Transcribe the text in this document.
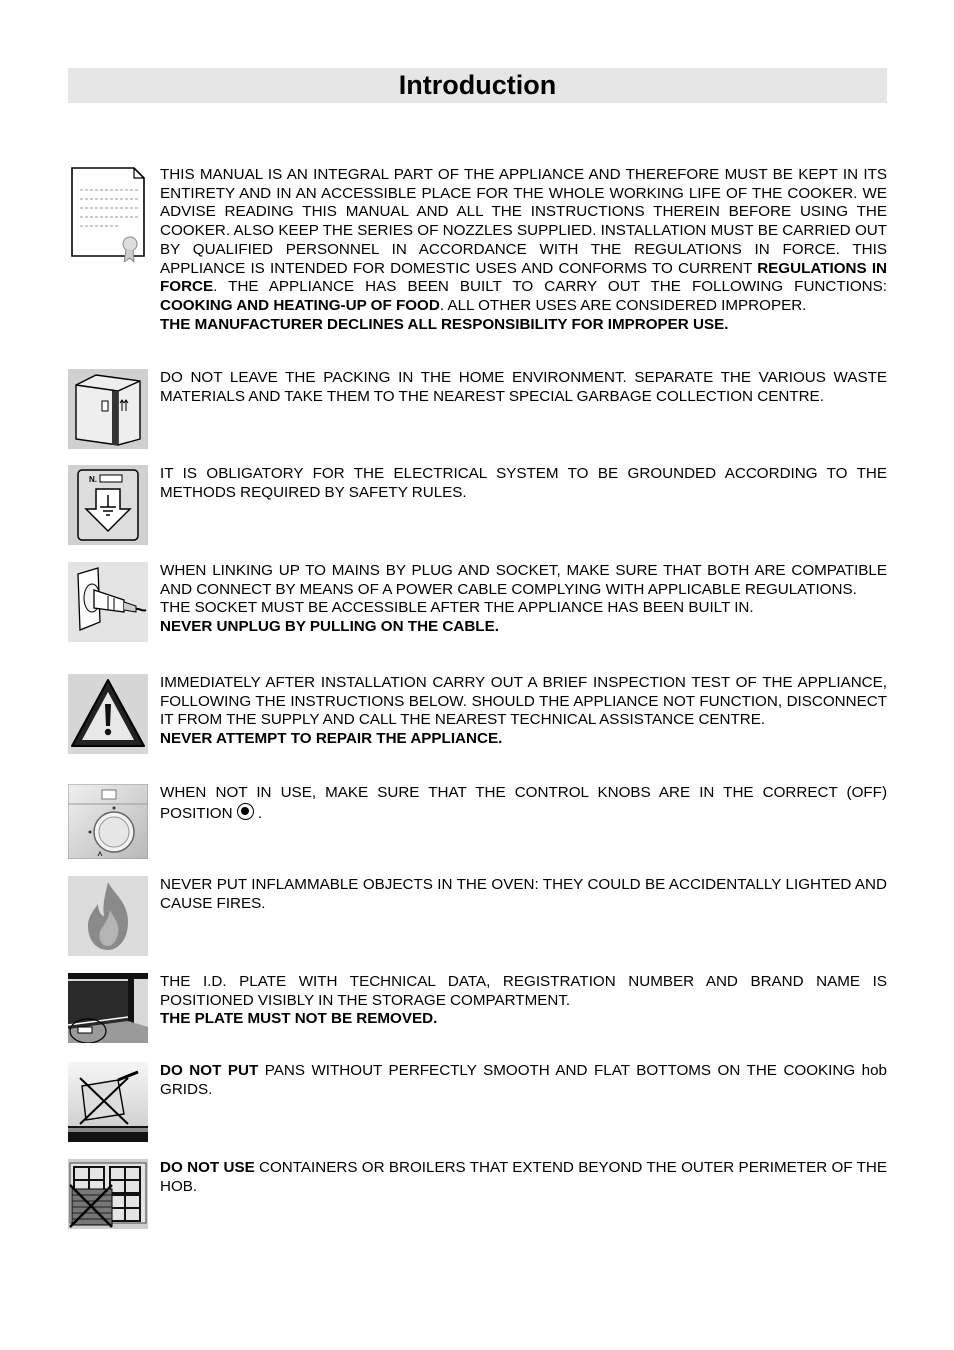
Introduction

THIS MANUAL IS AN INTEGRAL PART OF THE APPLIANCE AND THEREFORE MUST BE KEPT IN ITS ENTIRETY AND IN AN ACCESSIBLE PLACE FOR THE WHOLE WORKING LIFE OF THE COOKER. WE ADVISE READING THIS MANUAL AND ALL THE INSTRUCTIONS THEREIN BEFORE USING THE COOKER. ALSO KEEP THE SERIES OF NOZZLES SUPPLIED. INSTALLATION MUST BE CARRIED OUT BY QUALIFIED PERSONNEL IN ACCORDANCE WITH THE REGULATIONS IN FORCE. THIS APPLIANCE IS INTENDED FOR DOMESTIC USES AND CONFORMS TO CURRENT REGULATIONS IN FORCE. THE APPLIANCE HAS BEEN BUILT TO CARRY OUT THE FOLLOWING FUNCTIONS: COOKING AND HEATING-UP OF FOOD. ALL OTHER USES ARE CONSIDERED IMPROPER.

THE MANUFACTURER DECLINES ALL RESPONSIBILITY FOR IMPROPER USE.

DO NOT LEAVE THE PACKING IN THE HOME ENVIRONMENT. SEPARATE THE VARIOUS WASTE MATERIALS AND TAKE THEM TO THE NEAREST SPECIAL GARBAGE COLLECTION CENTRE.

N.	IT IS OBLIGATORY FOR THE ELECTRICAL SYSTEM TO BE GROUNDED ACCORDING TO THE METHODS REQUIRED BY SAFETY RULES.

WHEN LINKING UP TO MAINS BY PLUG AND SOCKET, MAKE SURE THAT BOTH ARE COMPATIBLE AND CONNECT BY MEANS OF A POWER CABLE COMPLYING WITH APPLICABLE REGULATIONS.

THE SOCKET MUST BE ACCESSIBLE AFTER THE APPLIANCE HAS BEEN BUILT IN.

NEVER UNPLUG BY PULLING ON THE CABLE.

IMMEDIATELY AFTER INSTALLATION CARRY OUT A BRIEF INSPECTION TEST OF THE APPLIANCE, FOLLOWING THE INSTRUCTIONS BELOW. SHOULD THE APPLIANCE NOT FUNCTION, DISCONNECT IT FROM THE SUPPLY AND CALL THE NEAREST TECHNICAL ASSISTANCE CENTRE.

NEVER ATTEMPT TO REPAIR THE APPLIANCE.

WHEN NOT IN USE, MAKE SURE THAT THE CONTROL KNOBS ARE IN THE CORRECT (OFF) POSITION  .

NEVER PUT INFLAMMABLE OBJECTS IN THE OVEN: THEY COULD BE ACCIDENTALLY LIGHTED AND CAUSE FIRES.

THE I.D. PLATE WITH TECHNICAL DATA, REGISTRATION NUMBER AND BRAND NAME IS POSITIONED VISIBLY IN THE STORAGE COMPARTMENT.

THE PLATE MUST NOT BE REMOVED.

DO NOT PUT PANS WITHOUT PERFECTLY SMOOTH AND FLAT BOTTOMS ON THE COOKING hob GRIDS.

DO NOT USE CONTAINERS OR BROILERS THAT EXTEND BEYOND THE OUTER PERIMETER OF THE HOB.
